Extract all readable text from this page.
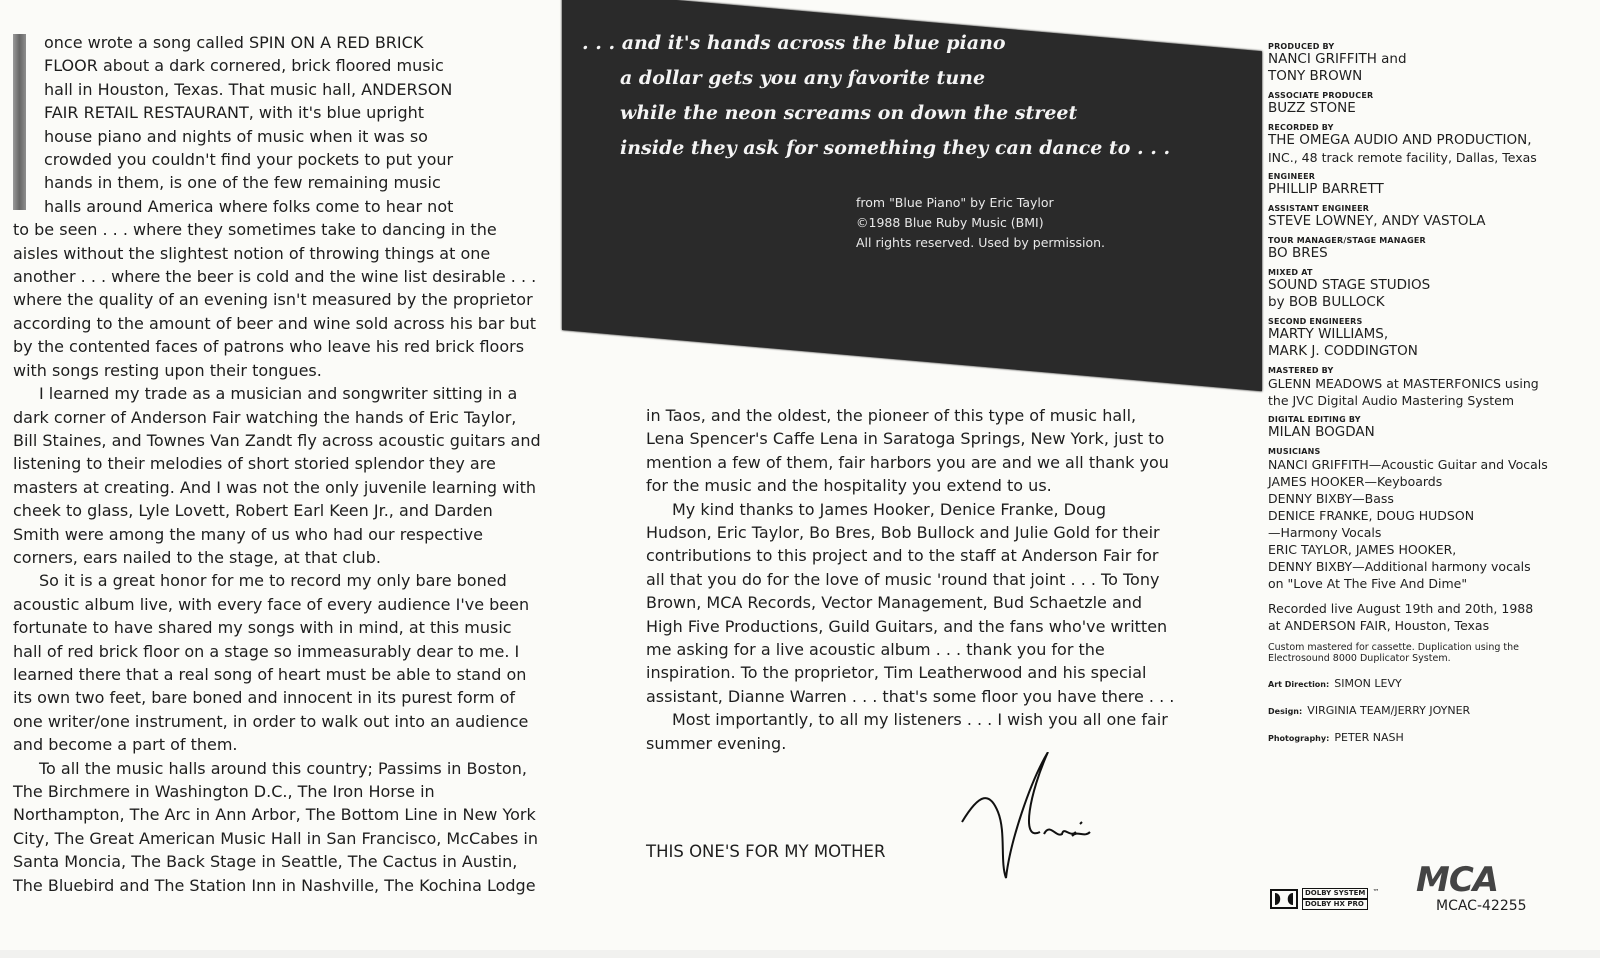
once wrote a song called SPIN ON A RED BRICK
FLOOR about a dark cornered, brick floored music
hall in Houston, Texas. That music hall, ANDERSON
FAIR RETAIL RESTAURANT, with it's blue upright
house piano and nights of music when it was so
crowded you couldn't find your pockets to put your
hands in them, is one of the few remaining music
halls around America where folks come to hear not

to be seen . . . where they sometimes take to dancing in the aisles without the slightest notion of throwing things at one another . . . where the beer is cold and the wine list desirable . . . where the quality of an evening isn't measured by the proprietor according to the amount of beer and wine sold across his bar but by the contented faces of patrons who leave his red brick floors with songs resting upon their tongues.

I learned my trade as a musician and songwriter sitting in a dark corner of Anderson Fair watching the hands of Eric Taylor, Bill Staines, and Townes Van Zandt fly across acoustic guitars and listening to their melodies of short storied splendor they are masters at creating. And I was not the only juvenile learning with cheek to glass, Lyle Lovett, Robert Earl Keen Jr., and Darden Smith were among the many of us who had our respective corners, ears nailed to the stage, at that club.

So it is a great honor for me to record my only bare boned acoustic album live, with every face of every audience I've been fortunate to have shared my songs with in mind, at this music hall of red brick floor on a stage so immeasurably dear to me. I learned there that a real song of heart must be able to stand on its own two feet, bare boned and innocent in its purest form of one writer/one instrument, in order to walk out into an audience and become a part of them.

To all the music halls around this country; Passims in Boston, The Birchmere in Washington D.C., The Iron Horse in Northampton, The Arc in Ann Arbor, The Bottom Line in New York City, The Great American Music Hall in San Francisco, McCabes in Santa Moncia, The Back Stage in Seattle, The Cactus in Austin, The Bluebird and The Station Inn in Nashville, The Kochina Lodge

. . . and it's hands across the blue piano
a dollar gets you any favorite tune
while the neon screams on down the street
inside they ask for something they can dance to . . .
from "Blue Piano" by Eric Taylor
©1988 Blue Ruby Music (BMI)
All rights reserved. Used by permission.

in Taos, and the oldest, the pioneer of this type of music hall, Lena Spencer's Caffe Lena in Saratoga Springs, New York, just to mention a few of them, fair harbors you are and we all thank you for the music and the hospitality you extend to us.

My kind thanks to James Hooker, Denice Franke, Doug Hudson, Eric Taylor, Bo Bres, Bob Bullock and Julie Gold for their contributions to this project and to the staff at Anderson Fair for all that you do for the love of music 'round that joint . . . To Tony Brown, MCA Records, Vector Management, Bud Schaetzle and High Five Productions, Guild Guitars, and the fans who've written me asking for a live acoustic album . . . thank you for the inspiration. To the proprietor, Tim Leatherwood and his special assistant, Dianne Warren . . . that's some floor you have there . . .

Most importantly, to all my listeners . . . I wish you all one fair summer evening.

THIS ONE'S FOR MY MOTHER
PRODUCED BY
NANCI GRIFFITH and
TONY BROWN
ASSOCIATE PRODUCER
BUZZ STONE
RECORDED BY
THE OMEGA AUDIO AND PRODUCTION,
INC., 48 track remote facility, Dallas, Texas
ENGINEER
PHILLIP BARRETT
ASSISTANT ENGINEER
STEVE LOWNEY, ANDY VASTOLA
TOUR MANAGER/STAGE MANAGER
BO BRES
MIXED AT
SOUND STAGE STUDIOS
by BOB BULLOCK
SECOND ENGINEERS
MARTY WILLIAMS,
MARK J. CODDINGTON
MASTERED BY
GLENN MEADOWS at MASTERFONICS using
the JVC Digital Audio Mastering System
DIGITAL EDITING BY
MILAN BOGDAN
MUSICIANS
NANCI GRIFFITH—Acoustic Guitar and Vocals
JAMES HOOKER—Keyboards
DENNY BIXBY—Bass
DENICE FRANKE, DOUG HUDSON
—Harmony Vocals
ERIC TAYLOR, JAMES HOOKER,
DENNY BIXBY—Additional harmony vocals
on "Love At The Five And Dime"
Recorded live August 19th and 20th, 1988
at ANDERSON FAIR, Houston, Texas
Custom mastered for cassette. Duplication using the
Electrosound 8000 Duplicator System.
Art Direction: SIMON LEVY
Design: VIRGINIA TEAM/JERRY JOYNER
Photography: PETER NASH
DOLBY SYSTEM
DOLBY HX PRO
™ MCA
MCAC-42255
